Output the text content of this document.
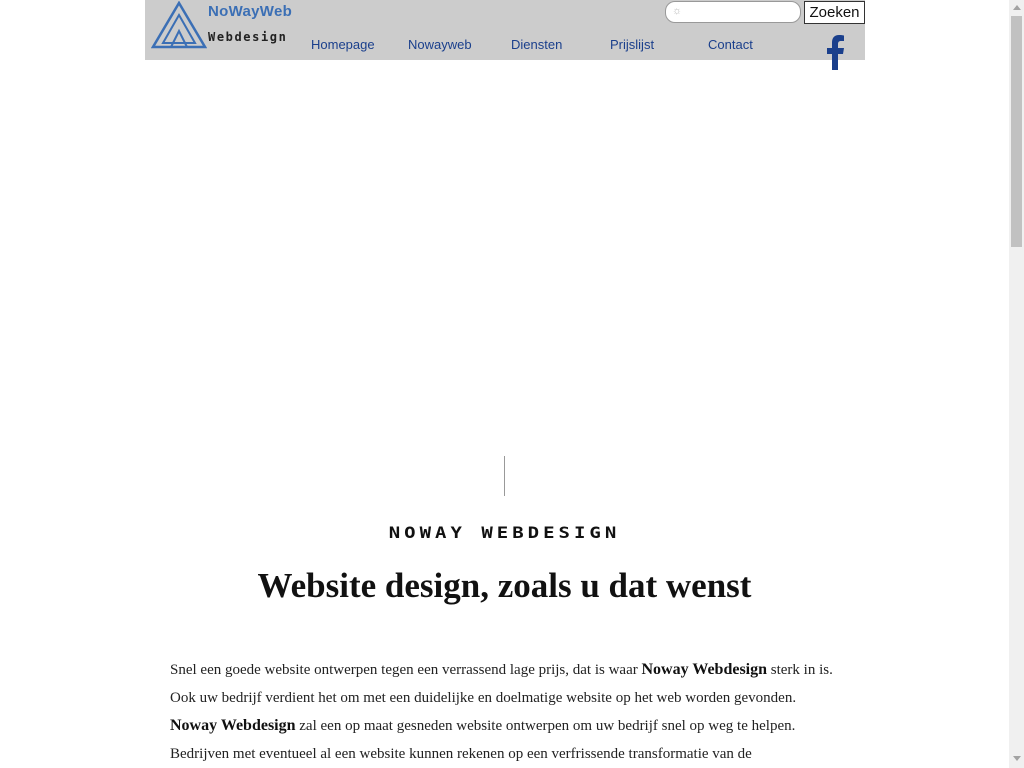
NoWayWeb
Webdesign Homepage	Nowayweb	Diensten	Prijslijst	Contact
☼	Zoeken
NOWAY WEBDESIGN
Website design, zoals u dat wenst

Snel een goede website ontwerpen tegen een verrassend lage prijs, dat is waar Noway Webdesign sterk in is. Ook uw bedrijf verdient het om met een duidelijke en doelmatige website op het web worden gevonden. Noway Webdesign zal een op maat gesneden website ontwerpen om uw bedrijf snel op weg te helpen. Bedrijven met eventueel al een website kunnen rekenen op een verfrissende transformatie van de
